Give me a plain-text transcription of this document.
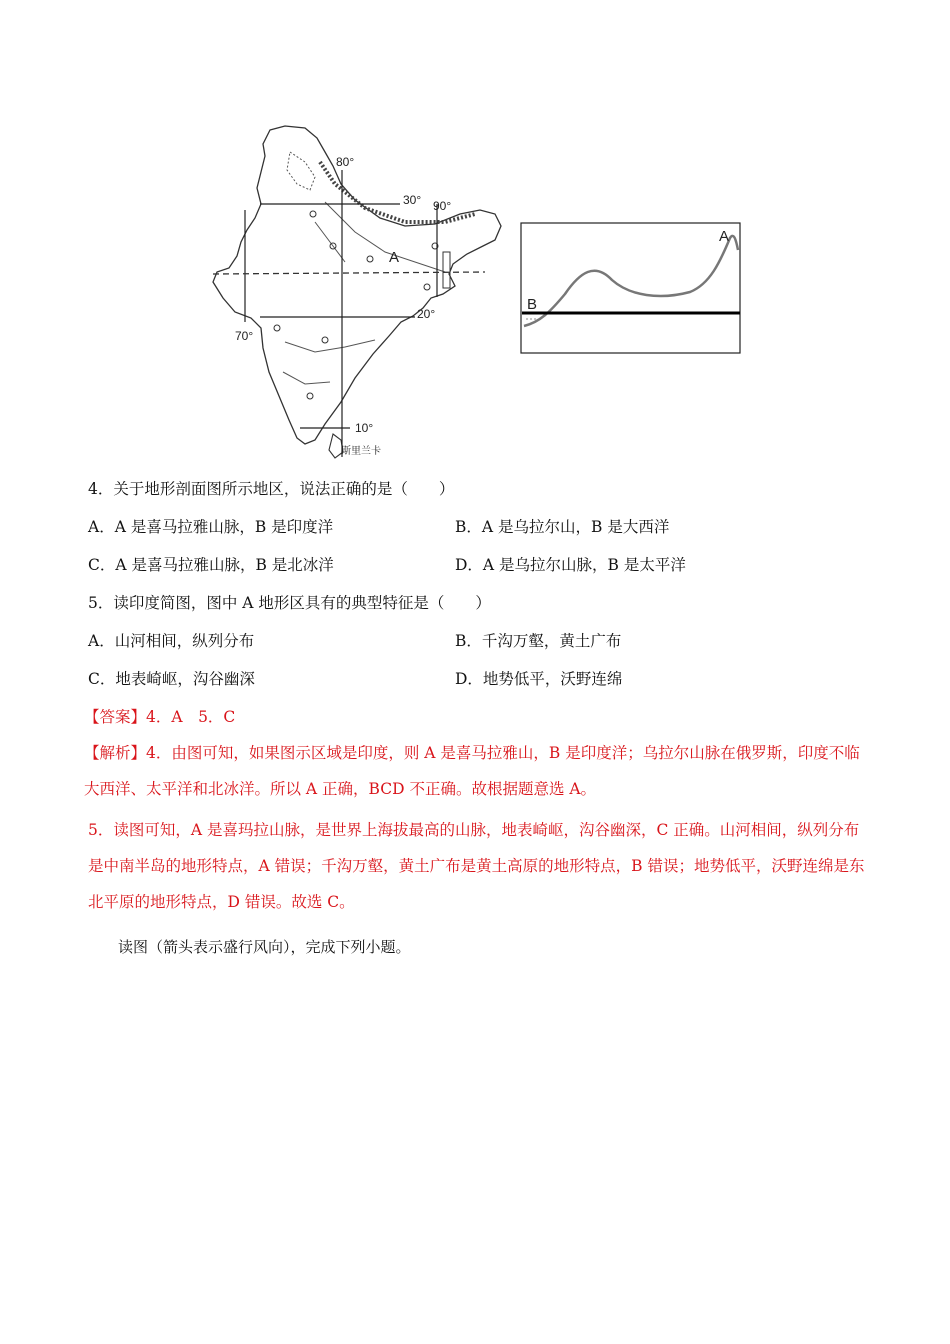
80°
30° 90°
70°
20°
10°
A
斯里兰卡
B
A
4．关于地形剖面图所示地区，说法正确的是（　　）
A．A 是喜马拉雅山脉，B 是印度洋	B．A 是乌拉尔山，B 是大西洋
C．A 是喜马拉雅山脉，B 是北冰洋	D．A 是乌拉尔山脉，B 是太平洋
5．读印度简图，图中 A 地形区具有的典型特征是（　　）
A．山河相间，纵列分布	B．千沟万壑，黄土广布
C．地表崎岖，沟谷幽深	D．地势低平，沃野连绵
【答案】4．A　5．C
【解析】4．由图可知，如果图示区域是印度，则 A 是喜马拉雅山，B 是印度洋；乌拉尔山脉在俄罗斯，印度不临大西洋、太平洋和北冰洋。所以 A 正确，BCD 不正确。故根据题意选 A。
5．读图可知，A 是喜玛拉山脉，是世界上海拔最高的山脉，地表崎岖，沟谷幽深，C 正确。山河相间，纵列分布是中南半岛的地形特点，A 错误；千沟万壑，黄土广布是黄土高原的地形特点，B 错误；地势低平，沃野连绵是东北平原的地形特点，D 错误。故选 C。
读图（箭头表示盛行风向），完成下列小题。
